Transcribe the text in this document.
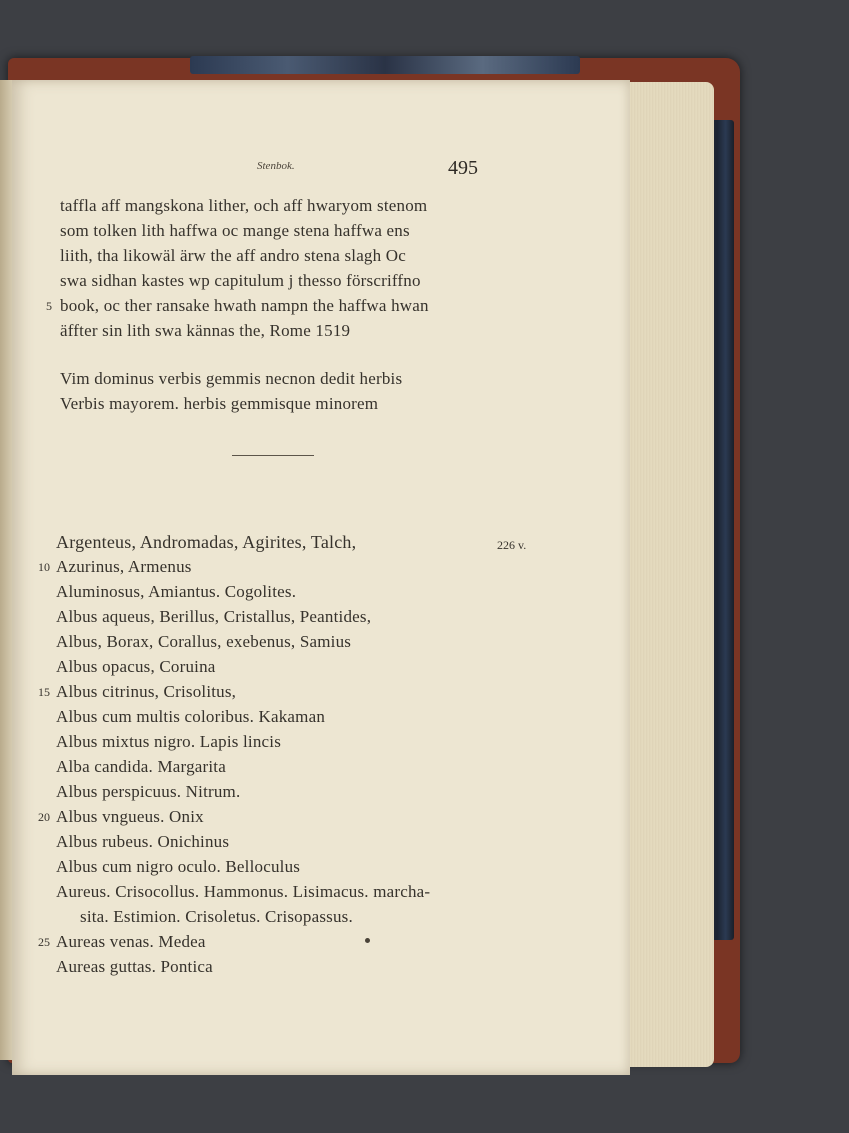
Stenbok.	495
taffla aff mangskona lither, och aff hwaryom stenom
som tolken lith haffwa oc mange stena haffwa ens
liith, tha likowäl ärw the aff andro stena slagh Oc
swa sidhan kastes wp capitulum j thesso förscriffno
5 book, oc ther ransake hwath nampn the haffwa hwan
äffter sin lith swa kännas the, Rome 1519
Vim dominus verbis gemmis necnon dedit herbis
Verbis mayorem. herbis gemmisque minorem
Argenteus, Andromadas, Agirites, Talch,	226 v.
10 Azurinus, Armenus
Aluminosus, Amiantus. Cogolites.
Albus aqueus, Berillus, Cristallus, Peantides,
Albus, Borax, Corallus, exebenus, Samius
Albus opacus, Coruina
15 Albus citrinus, Crisolitus,
Albus cum multis coloribus. Kakaman
Albus mixtus nigro. Lapis lincis
Alba candida. Margarita
Albus perspicuus. Nitrum.
20 Albus vngueus. Onix
Albus rubeus. Onichinus
Albus cum nigro oculo. Belloculus
Aureus. Crisocollus. Hammonus. Lisimacus. marcha-
sita. Estimion. Crisoletus. Crisopassus.
25 Aureas venas. Medea
Aureas guttas. Pontica
